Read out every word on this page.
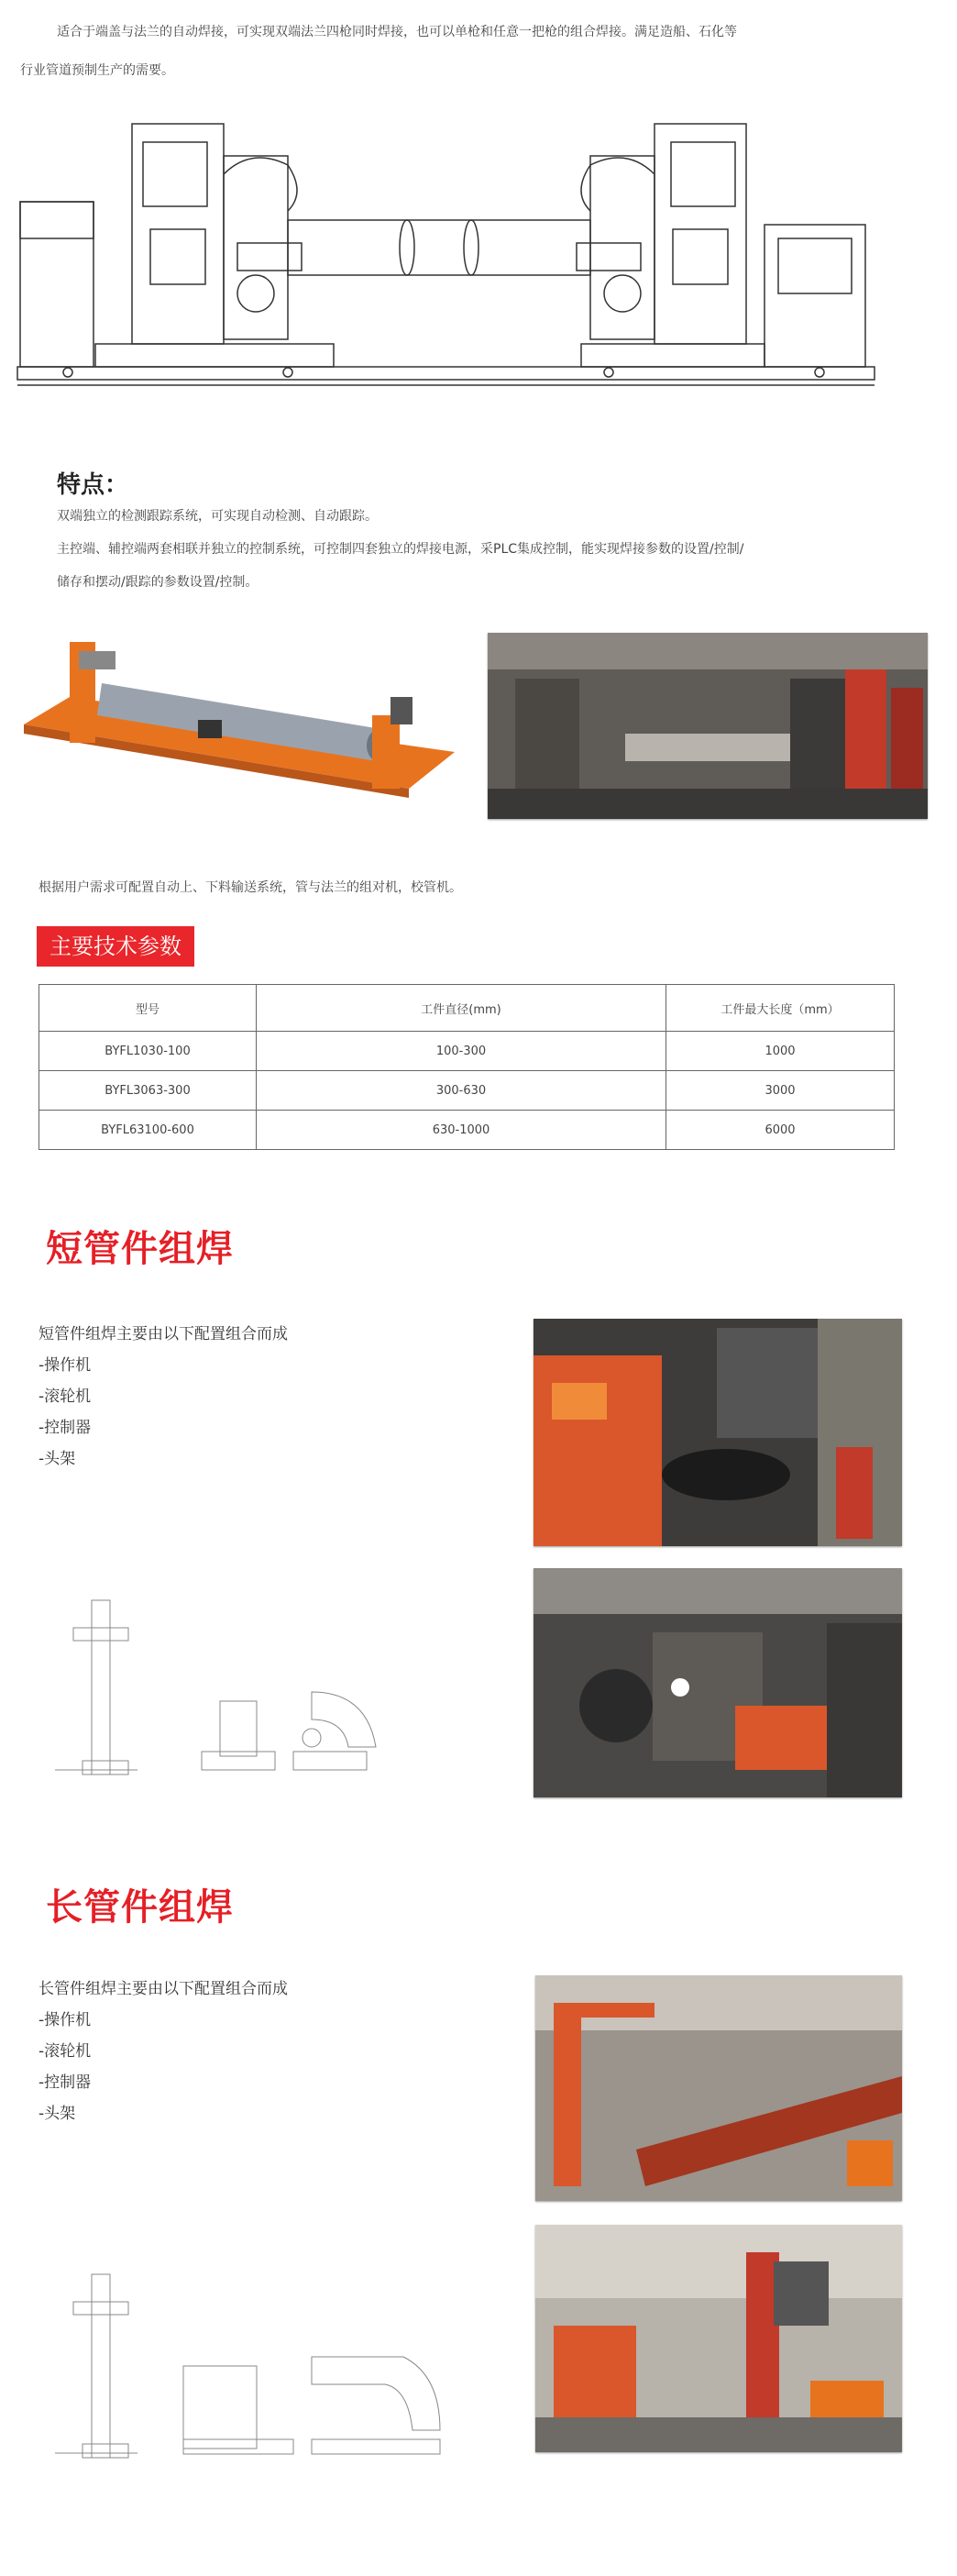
适合于端盖与法兰的自动焊接，可实现双端法兰四枪同时焊接，也可以单枪和任意一把枪的组合焊接。满足造船、石化等
行业管道预制生产的需要。
特点：
双端独立的检测跟踪系统，可实现自动检测、自动跟踪。
主控端、辅控端两套相联并独立的控制系统，可控制四套独立的焊接电源，采PLC集成控制，能实现焊接参数的设置/控制/
储存和摆动/跟踪的参数设置/控制。
根据用户需求可配置自动上、下料输送系统，管与法兰的组对机，校管机。
主要技术参数
型号	工件直径(mm)	工件最大长度（mm）
BYFL1030-100	100-300	1000
BYFL3063-300	300-630	3000
BYFL63100-600	630-1000	6000
短管件组焊
短管件组焊主要由以下配置组合而成
-操作机
-滚轮机
-控制器
-头架
长管件组焊
长管件组焊主要由以下配置组合而成
-操作机
-滚轮机
-控制器
-头架
